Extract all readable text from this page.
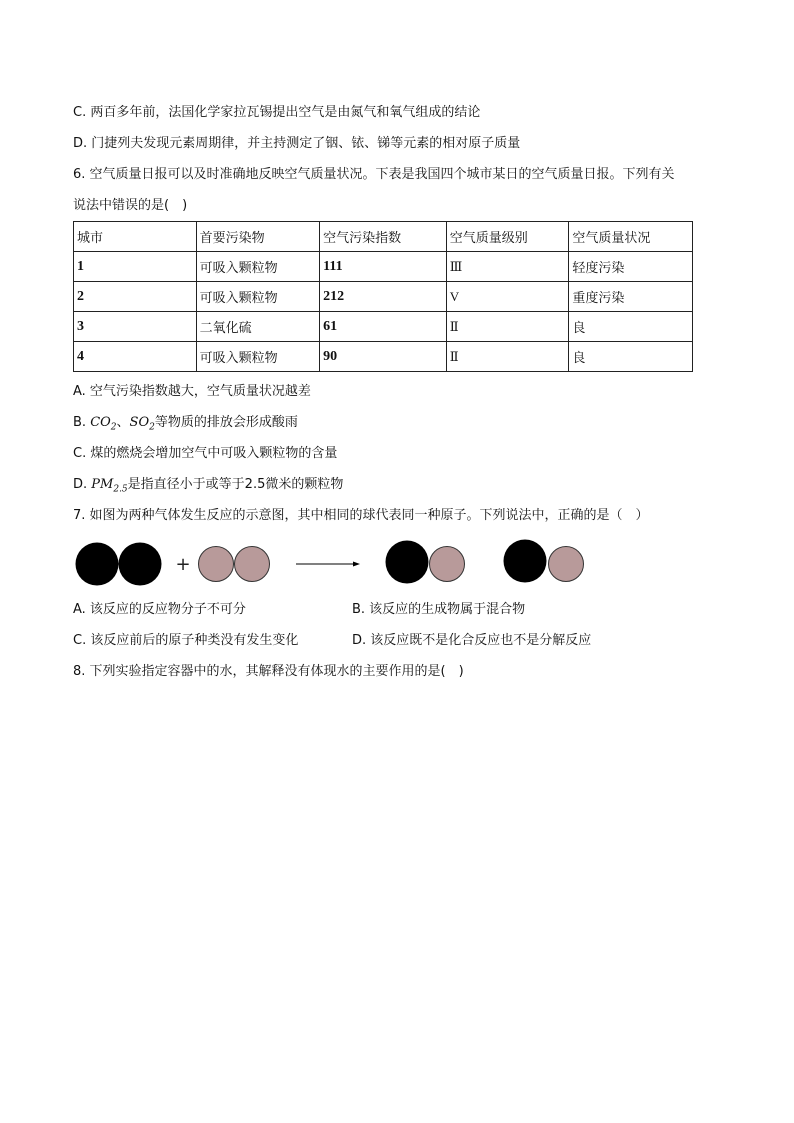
C. 两百多年前，法国化学家拉瓦锡提出空气是由氮气和氧气组成的结论
D. 门捷列夫发现元素周期律，并主持测定了铟、铱、锑等元素的相对原子质量
6. 空气质量日报可以及时准确地反映空气质量状况。下表是我国四个城市某日的空气质量日报。下列有关
说法中错误的是(　)
城市	首要污染物	空气污染指数	空气质量级别	空气质量状况
1	可吸入颗粒物	111	Ⅲ	轻度污染
2	可吸入颗粒物	212	V	重度污染
3	二氧化硫	61	Ⅱ	良
4	可吸入颗粒物	90	Ⅱ	良
A. 空气污染指数越大，空气质量状况越差
B. $CO_2$、$SO_2$等物质的排放会形成酸雨
C. 煤的燃烧会增加空气中可吸入颗粒物的含量
D. $PM_{2.5}$是指直径小于或等于2.5微米的颗粒物
7. 如图为两种气体发生反应的示意图，其中相同的球代表同一种原子。下列说法中，正确的是（　）
+
A. 该反应的反应物分子不可分	B. 该反应的生成物属于混合物
C. 该反应前后的原子种类没有发生变化	D. 该反应既不是化合反应也不是分解反应
8. 下列实验指定容器中的水，其解释没有体现水的主要作用的是(　)
